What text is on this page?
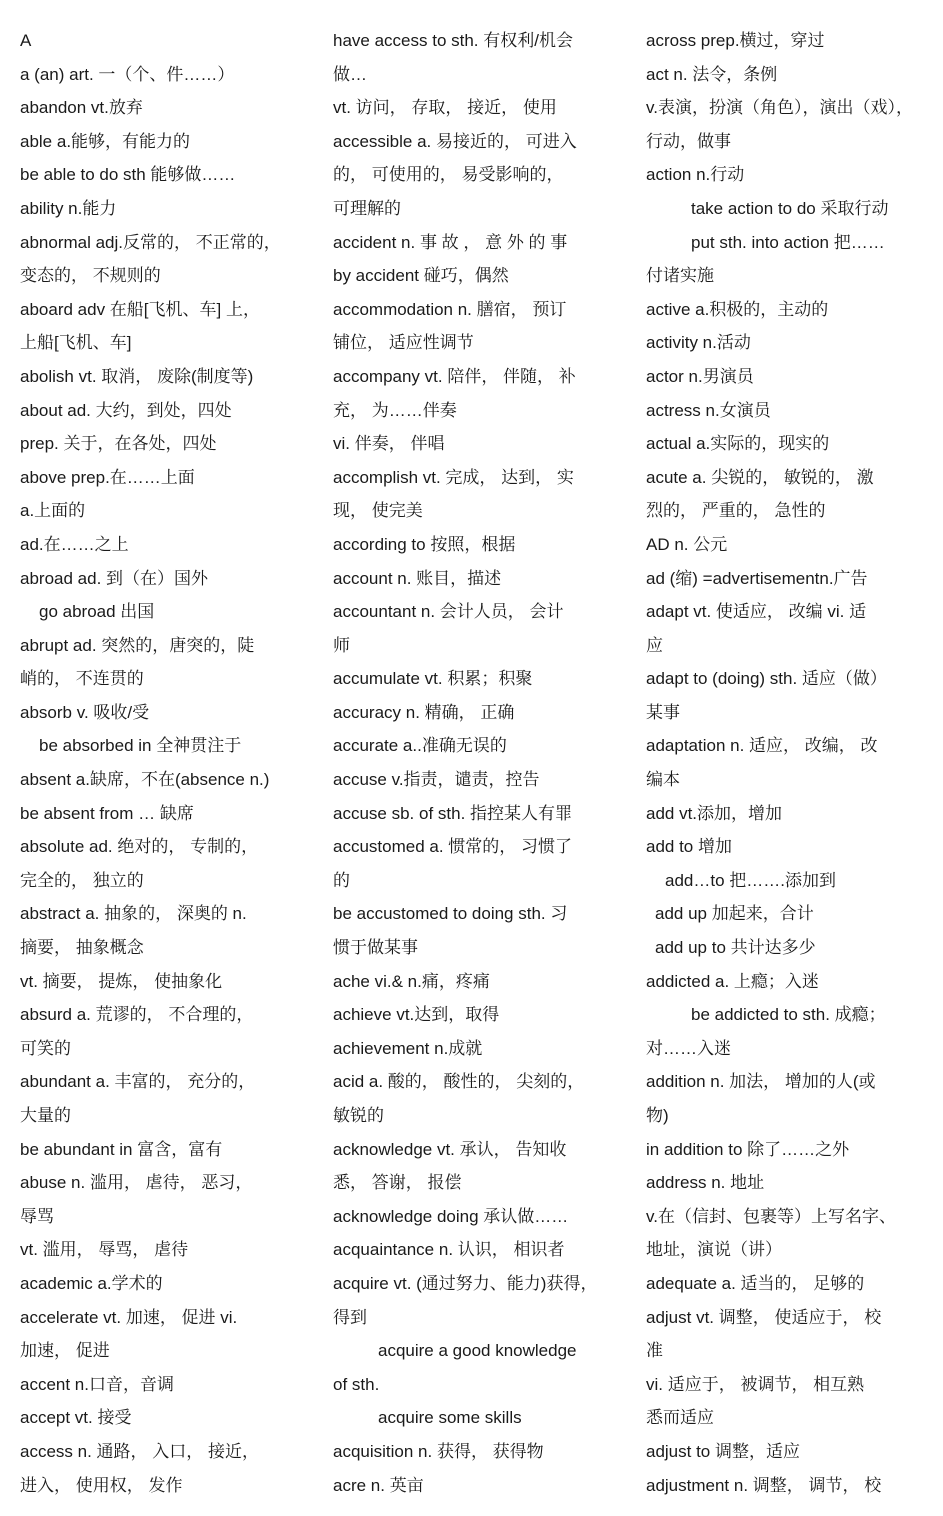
A
a (an) art. 一（个、件……）
abandon vt.放弃
able a.能够，有能力的
be able to do sth 能够做……
ability n.能力
abnormal adj.反常的， 不正常的，
变态的， 不规则的
aboard adv 在船[飞机、车] 上，
上船[飞机、车]
abolish vt. 取消， 废除(制度等)
about ad. 大约，到处，四处
prep. 关于，在各处，四处
above prep.在……上面
a.上面的
ad.在……之上
abroad ad. 到（在）国外
go abroad 出国
abrupt ad. 突然的，唐突的，陡
峭的， 不连贯的
absorb v. 吸收/受
be absorbed in 全神贯注于
absent a.缺席，不在(absence n.)
be absent from … 缺席
absolute ad. 绝对的， 专制的，
完全的， 独立的
abstract a. 抽象的， 深奥的 n.
摘要， 抽象概念
vt. 摘要， 提炼， 使抽象化
absurd a. 荒谬的， 不合理的，
可笑的
abundant a. 丰富的， 充分的，
大量的
be abundant in 富含，富有
abuse n. 滥用， 虐待， 恶习，
辱骂
vt. 滥用， 辱骂， 虐待
academic a.学术的
accelerate vt. 加速， 促进 vi.
加速， 促进
accent n.口音，音调
accept vt. 接受
access n. 通路， 入口， 接近，
进入， 使用权， 发作
have access to sth. 有权利/机会
做…
vt. 访问， 存取， 接近， 使用
accessible a. 易接近的， 可进入
的， 可使用的， 易受影响的，
可理解的
accident n. 事 故 ， 意 外 的 事
by accident 碰巧，偶然
accommodation n. 膳宿， 预订
铺位， 适应性调节
accompany vt. 陪伴， 伴随， 补
充， 为……伴奏
vi. 伴奏， 伴唱
accomplish vt. 完成， 达到， 实
现， 使完美
according to 按照，根据
account n. 账目，描述
accountant n. 会计人员， 会计
师
accumulate vt. 积累；积聚
accuracy n. 精确， 正确
accurate a..准确无误的
accuse v.指责，谴责，控告
accuse sb. of sth. 指控某人有罪
accustomed a. 惯常的， 习惯了
的
be accustomed to doing sth. 习
惯于做某事
ache vi.& n.痛，疼痛
achieve vt.达到，取得
achievement n.成就
acid a. 酸的， 酸性的， 尖刻的，
敏锐的
acknowledge vt. 承认， 告知收
悉， 答谢， 报偿
acknowledge doing 承认做……
acquaintance n. 认识， 相识者
acquire vt. (通过努力、能力)获得，
得到
acquire a good knowledge
of sth.
acquire some skills
acquisition n. 获得， 获得物
acre n. 英亩
across prep.横过，穿过
act n. 法令，条例
v.表演，扮演（角色），演出（戏），
行动，做事
action n.行动
take action to do 采取行动
put sth. into action 把……
付诸实施
active a.积极的，主动的
activity n.活动
actor n.男演员
actress n.女演员
actual a.实际的，现实的
acute a. 尖锐的， 敏锐的， 激
烈的， 严重的， 急性的
AD n. 公元
ad (缩) =advertisementn.广告
adapt vt. 使适应， 改编 vi. 适
应
adapt to (doing) sth. 适应（做）
某事
adaptation n. 适应， 改编， 改
编本
add vt.添加，增加
add to 增加
add…to 把…….添加到
add up 加起来，合计
add up to 共计达多少
addicted a. 上瘾；入迷
be addicted to sth. 成瘾；
对……入迷
addition n. 加法， 增加的人(或
物)
in addition to 除了……之外
address n. 地址
v.在（信封、包裹等）上写名字、
地址，演说（讲）
adequate a. 适当的， 足够的
adjust vt. 调整， 使适应于， 校
准
vi. 适应于， 被调节， 相互熟
悉而适应
adjust to 调整，适应
adjustment n. 调整， 调节， 校
